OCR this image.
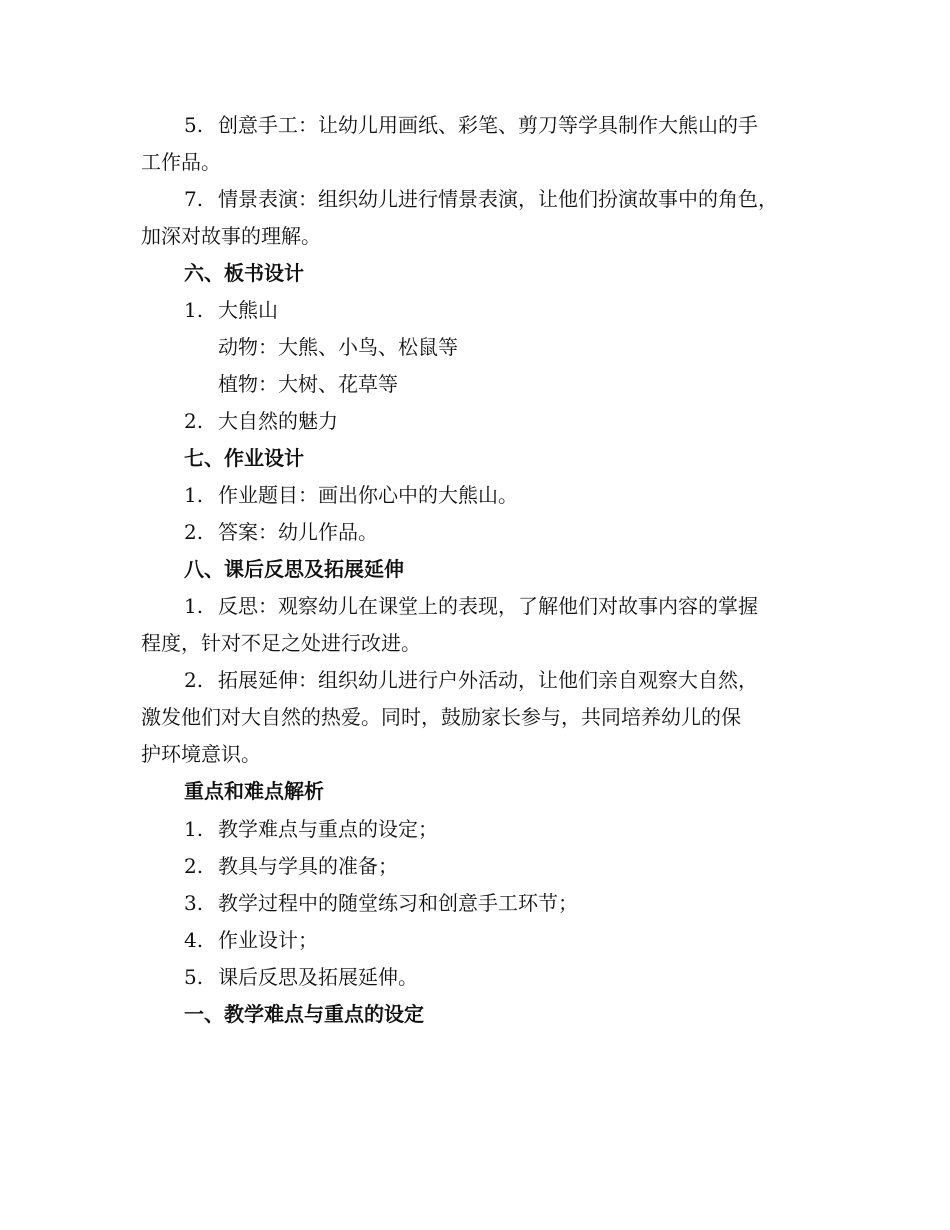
5. 创意手工：让幼儿用画纸、彩笔、剪刀等学具制作大熊山的手
工作品。
7. 情景表演：组织幼儿进行情景表演，让他们扮演故事中的角色，
加深对故事的理解。
六、板书设计
1. 大熊山
动物：大熊、小鸟、松鼠等
植物：大树、花草等
2. 大自然的魅力
七、作业设计
1. 作业题目：画出你心中的大熊山。
2. 答案：幼儿作品。
八、课后反思及拓展延伸
1. 反思：观察幼儿在课堂上的表现，了解他们对故事内容的掌握
程度，针对不足之处进行改进。
2. 拓展延伸：组织幼儿进行户外活动，让他们亲自观察大自然，
激发他们对大自然的热爱。同时，鼓励家长参与，共同培养幼儿的保
护环境意识。
重点和难点解析
1. 教学难点与重点的设定；
2. 教具与学具的准备；
3. 教学过程中的随堂练习和创意手工环节；
4. 作业设计；
5. 课后反思及拓展延伸。
一、教学难点与重点的设定
